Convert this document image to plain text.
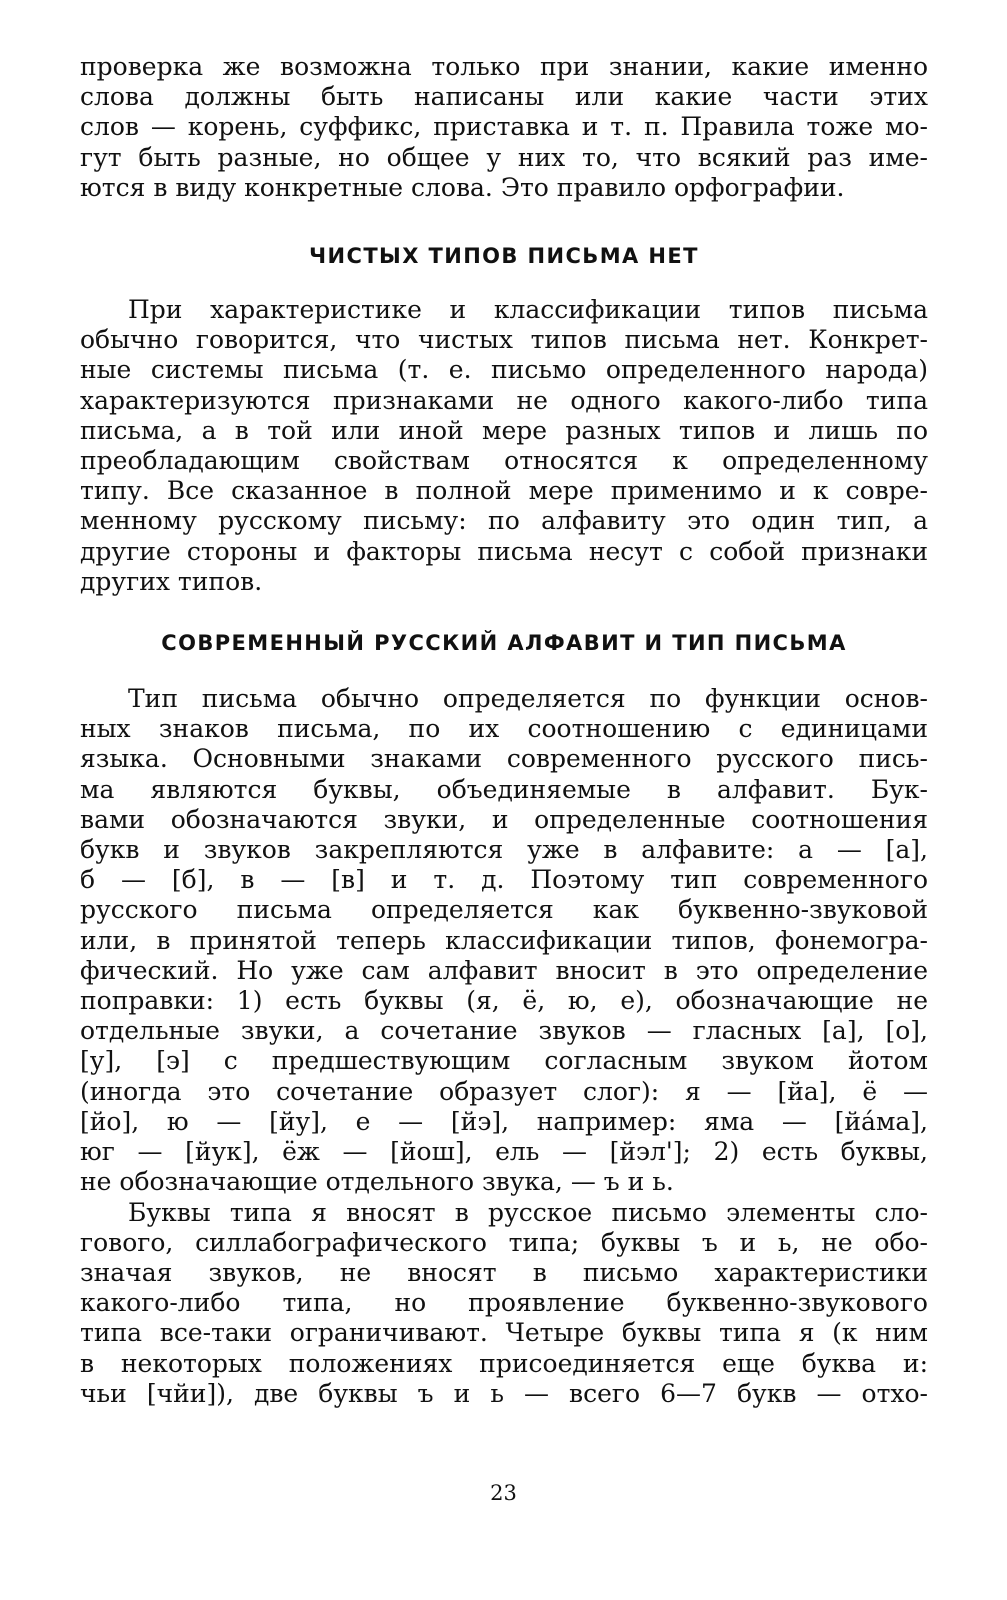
проверка же возможна только при знании, какие именно
слова должны быть написаны или какие части этих
слов — корень, суффикс, приставка и т. п. Правила тоже мо-
гут быть разные, но общее у них то, что всякий раз име-
ются в виду конкретные слова. Это правило орфографии.

ЧИСТЫХ ТИПОВ ПИСЬМА НЕТ

При характеристике и классификации типов письма
обычно говорится, что чистых типов письма нет. Конкрет-
ные системы письма (т. е. письмо определенного народа)
характеризуются признаками не одного какого-либо типа
письма, а в той или иной мере разных типов и лишь по
преобладающим свойствам относятся к определенному
типу. Все сказанное в полной мере применимо и к совре-
менному русскому письму: по алфавиту это один тип, а
другие стороны и факторы письма несут с собой признаки
других типов.

СОВРЕМЕННЫЙ РУССКИЙ АЛФАВИТ И ТИП ПИСЬМА

Тип письма обычно определяется по функции основ-
ных знаков письма, по их соотношению с единицами
языка. Основными знаками современного русского пись-
ма являются буквы, объединяемые в алфавит. Бук-
вами обозначаются звуки, и определенные соотношения
букв и звуков закрепляются уже в алфавите: а — [а],
б — [б], в — [в] и т. д. Поэтому тип современного
русского письма определяется как буквенно-звуковой
или, в принятой теперь классификации типов, фонемогра-
фический. Но уже сам алфавит вносит в это определение
поправки: 1) есть буквы (я, ё, ю, е), обозначающие не
отдельные звуки, а сочетание звуков — гласных [а], [о],
[у], [э] с предшествующим согласным звуком йотом
(иногда это сочетание образует слог): я — [йа], ё —
[йо], ю — [йу], е — [йэ], например: яма — [йа́ма],
юг — [йук], ёж — [йош], ель — [йэл']; 2) есть буквы,
не обозначающие отдельного звука, — ъ и ь.

Буквы типа я вносят в русское письмо элементы сло-
гового, силлабографического типа; буквы ъ и ь, не обо-
значая звуков, не вносят в письмо характеристики
какого-либо типа, но проявление буквенно-звукового
типа все-таки ограничивают. Четыре буквы типа я (к ним
в некоторых положениях присоединяется еще буква и:
чьи [чйи]), две буквы ъ и ь — всего 6—7 букв — отхо-

23
